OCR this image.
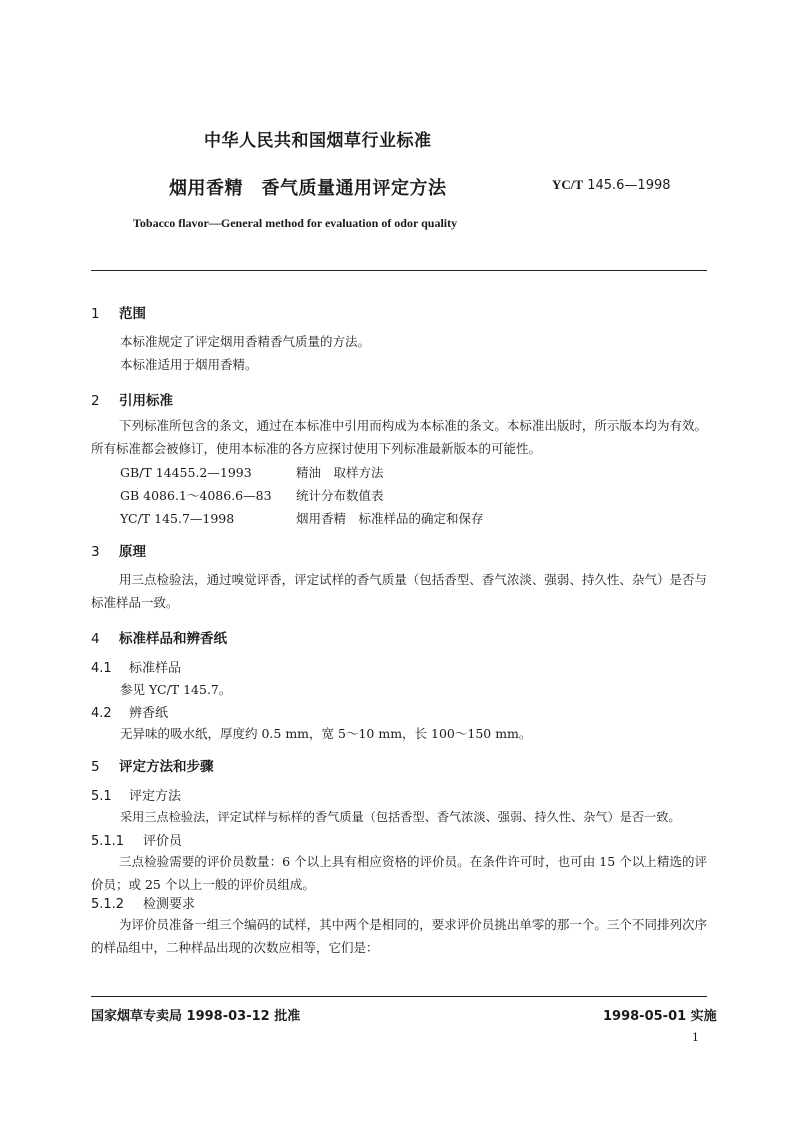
中华人民共和国烟草行业标准
烟用香精　香气质量通用评定方法	YC/T 145.6—1998
Tobacco flavor—General method for evaluation of odor quality
1 范围
本标准规定了评定烟用香精香气质量的方法。
本标准适用于烟用香精。
2 引用标准
下列标准所包含的条文，通过在本标准中引用而构成为本标准的条文。本标准出版时，所示版本均为有效。所有标准都会被修订，使用本标准的各方应探讨使用下列标准最新版本的可能性。
GB/T 14455.2—1993	精油　取样方法
GB 4086.1～4086.6—83 统计分布数值表
YC/T 145.7—1998	烟用香精　标准样品的确定和保存
3 原理
用三点检验法，通过嗅觉评香，评定试样的香气质量（包括香型、香气浓淡、强弱、持久性、杂气）是否与标准样品一致。
4 标准样品和辨香纸
4.1 标准样品
参见 YC/T 145.7。
4.2 辨香纸
无异味的吸水纸，厚度约 0.5 mm，宽 5～10 mm，长 100～150 mm。
5 评定方法和步骤
5.1 评定方法
采用三点检验法，评定试样与标样的香气质量（包括香型、香气浓淡、强弱、持久性、杂气）是否一致。
5.1.1 评价员
三点检验需要的评价员数量：6 个以上具有相应资格的评价员。在条件许可时，也可由 15 个以上精选的评价员；或 25 个以上一般的评价员组成。
5.1.2 检测要求
为评价员准备一组三个编码的试样，其中两个是相同的，要求评价员挑出单零的那一个。三个不同排列次序的样品组中，二种样品出现的次数应相等，它们是：
国家烟草专卖局 1998-03-12 批准	1998-05-01 实施
1
